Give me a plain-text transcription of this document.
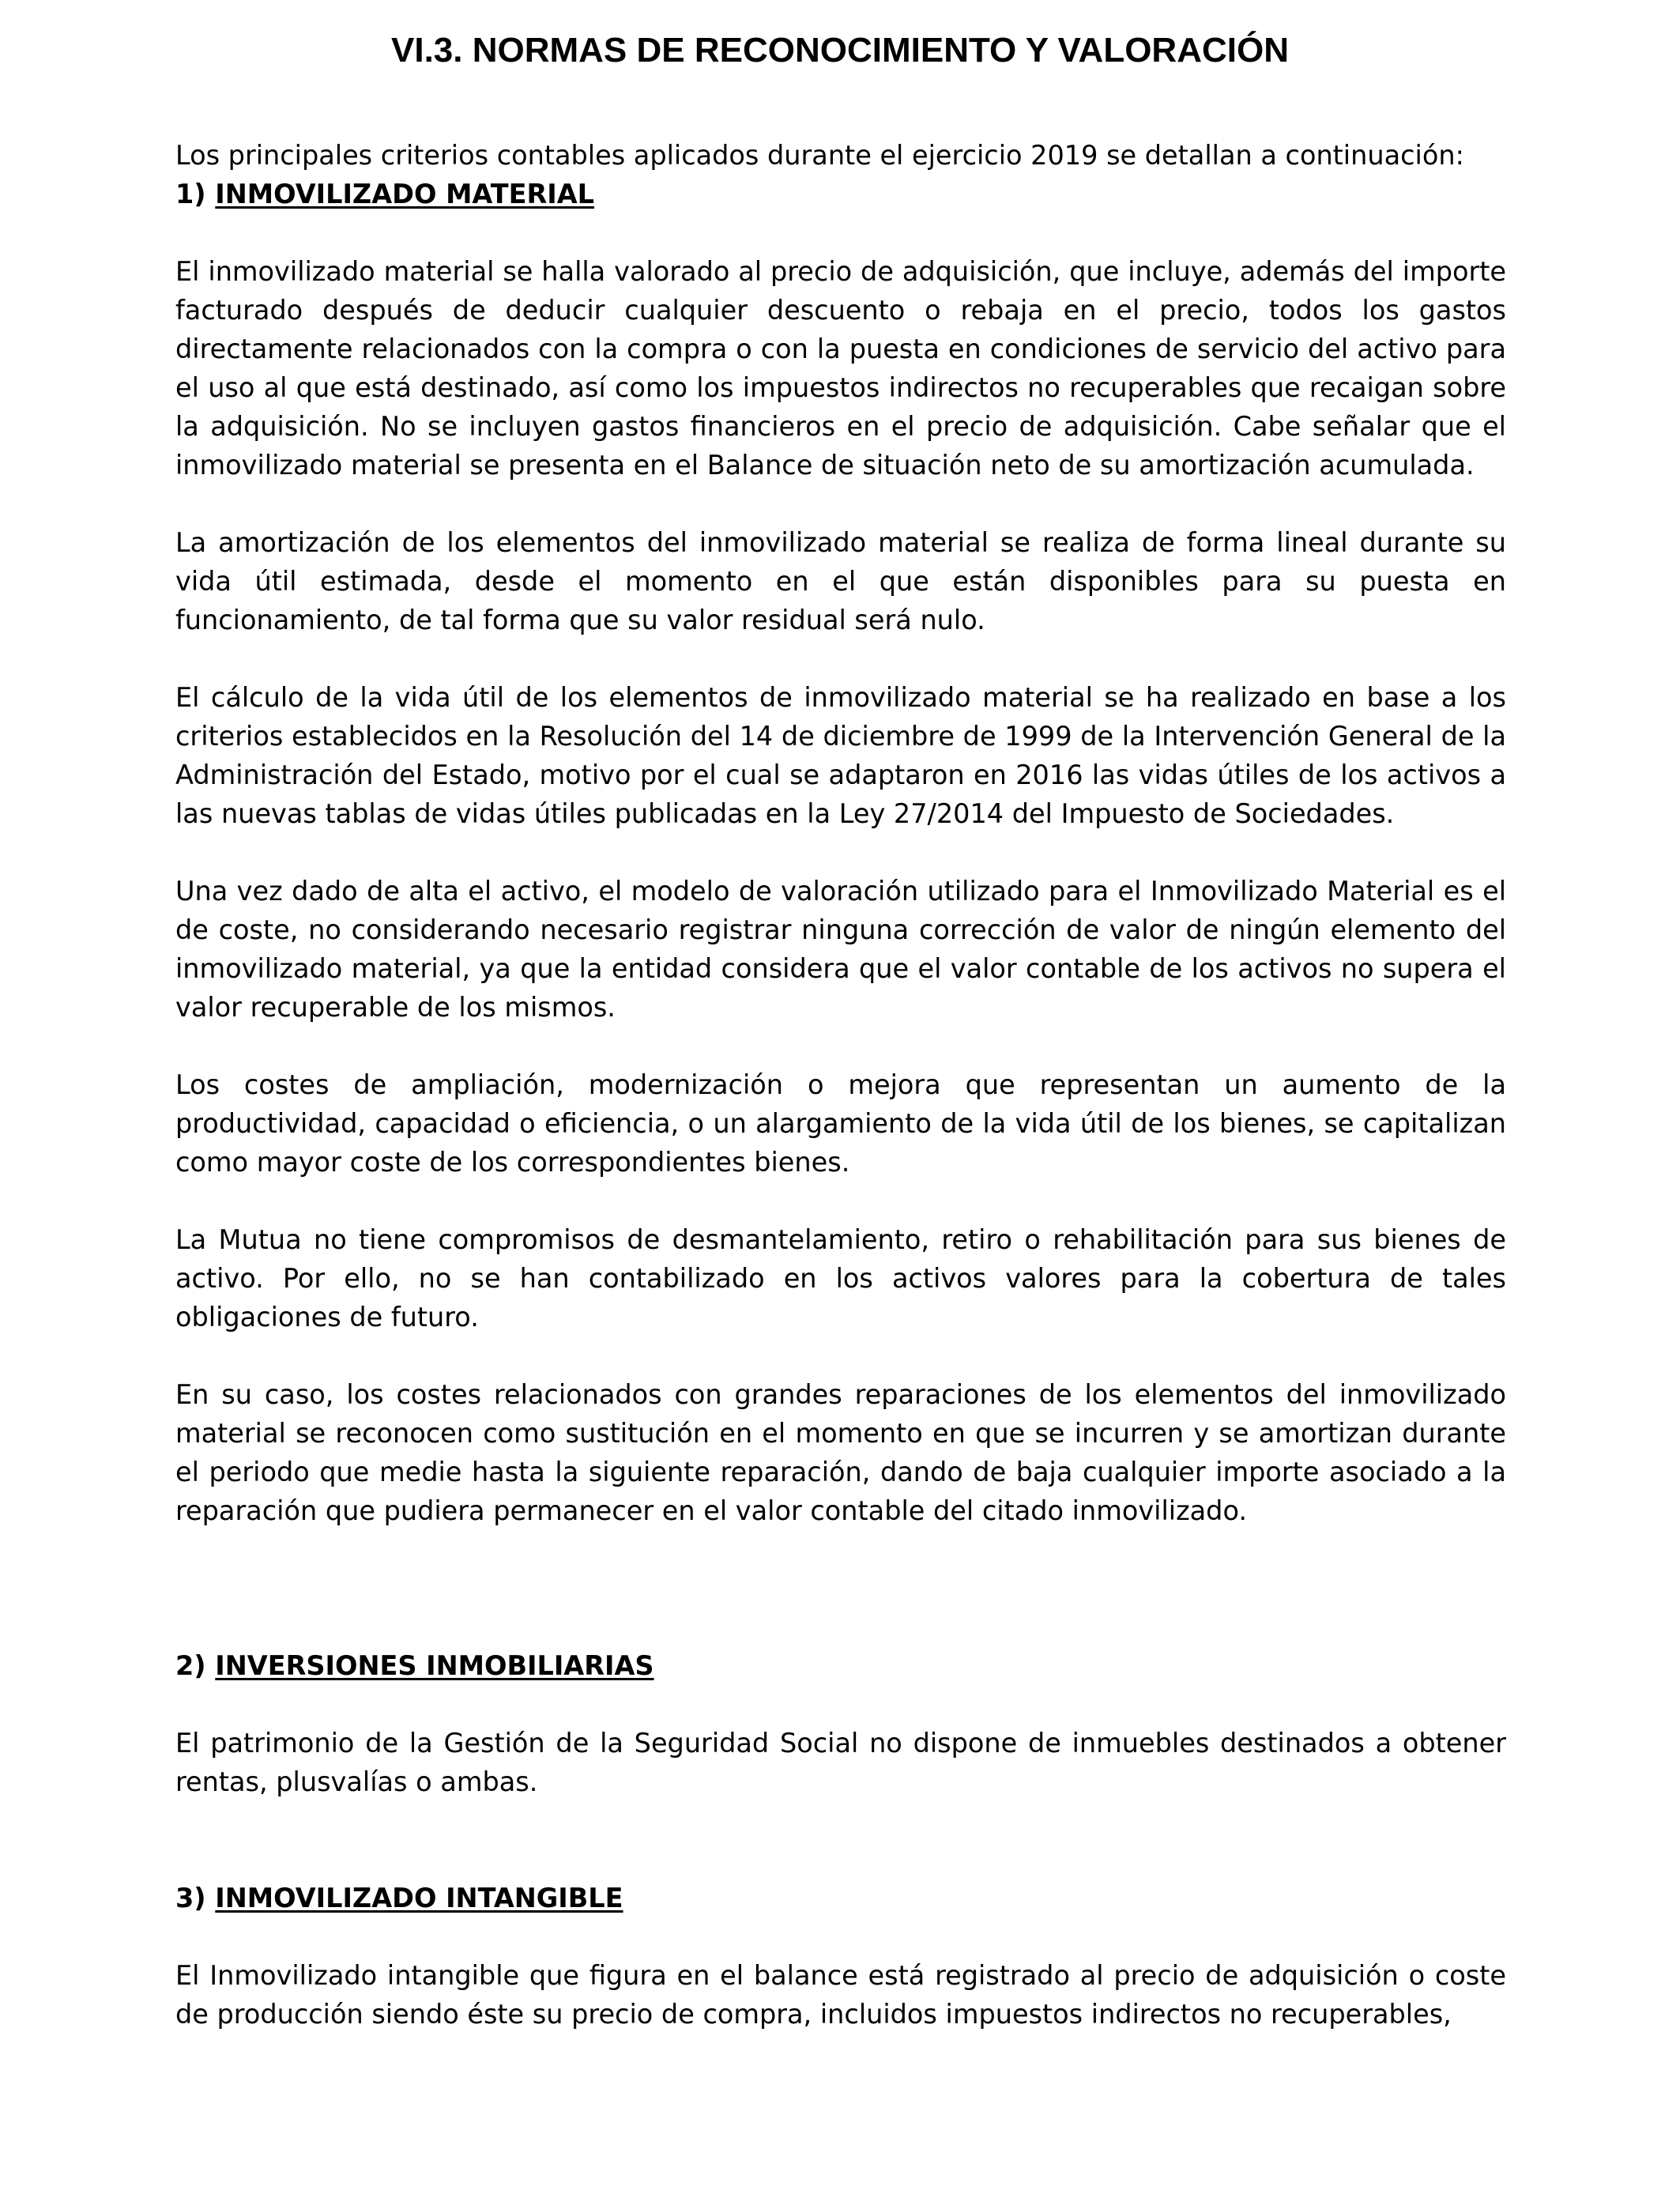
VI.3. NORMAS DE RECONOCIMIENTO Y VALORACIÓN

Los principales criterios contables aplicados durante el ejercicio 2019 se detallan a continuación:

1) INMOVILIZADO MATERIAL

El inmovilizado material se halla valorado al precio de adquisición, que incluye, además del importe facturado después de deducir cualquier descuento o rebaja en el precio, todos los gastos directamente relacionados con la compra o con la puesta en condiciones de servicio del activo para el uso al que está destinado, así como los impuestos indirectos no recuperables que recaigan sobre la adquisición. No se incluyen gastos financieros en el precio de adquisición. Cabe señalar que el inmovilizado material se presenta en el Balance de situación neto de su amortización acumulada.

La amortización de los elementos del inmovilizado material se realiza de forma lineal durante su vida útil estimada, desde el momento en el que están disponibles para su puesta en funcionamiento, de tal forma que su valor residual será nulo.

El cálculo de la vida útil de los elementos de inmovilizado material se ha realizado en base a los criterios establecidos en la Resolución del 14 de diciembre de 1999 de la Intervención General de la Administración del Estado, motivo por el cual se adaptaron en 2016 las vidas útiles de los activos a las nuevas tablas de vidas útiles publicadas en la Ley 27/2014 del Impuesto de Sociedades.

Una vez dado de alta el activo, el modelo de valoración utilizado para el Inmovilizado Material es el de coste, no considerando necesario registrar ninguna corrección de valor de ningún elemento del inmovilizado material, ya que la entidad considera que el valor contable de los activos no supera el valor recuperable de los mismos.

Los costes de ampliación, modernización o mejora que representan un aumento de la productividad, capacidad o eficiencia, o un alargamiento de la vida útil de los bienes, se capitalizan como mayor coste de los correspondientes bienes.

La Mutua no tiene compromisos de desmantelamiento, retiro o rehabilitación para sus bienes de activo. Por ello, no se han contabilizado en los activos valores para la cobertura de tales obligaciones de futuro.

En su caso, los costes relacionados con grandes reparaciones de los elementos del inmovilizado material se reconocen como sustitución en el momento en que se incurren y se amortizan durante el periodo que medie hasta la siguiente reparación, dando de baja cualquier importe asociado a la reparación que pudiera permanecer en el valor contable del citado inmovilizado.

2) INVERSIONES INMOBILIARIAS

El patrimonio de la Gestión de la Seguridad Social no dispone de inmuebles destinados a obtener rentas, plusvalías o ambas.

3) INMOVILIZADO INTANGIBLE

El Inmovilizado intangible que figura en el balance está registrado al precio de adquisición o coste de producción siendo éste su precio de compra, incluidos impuestos indirectos no recuperables,
